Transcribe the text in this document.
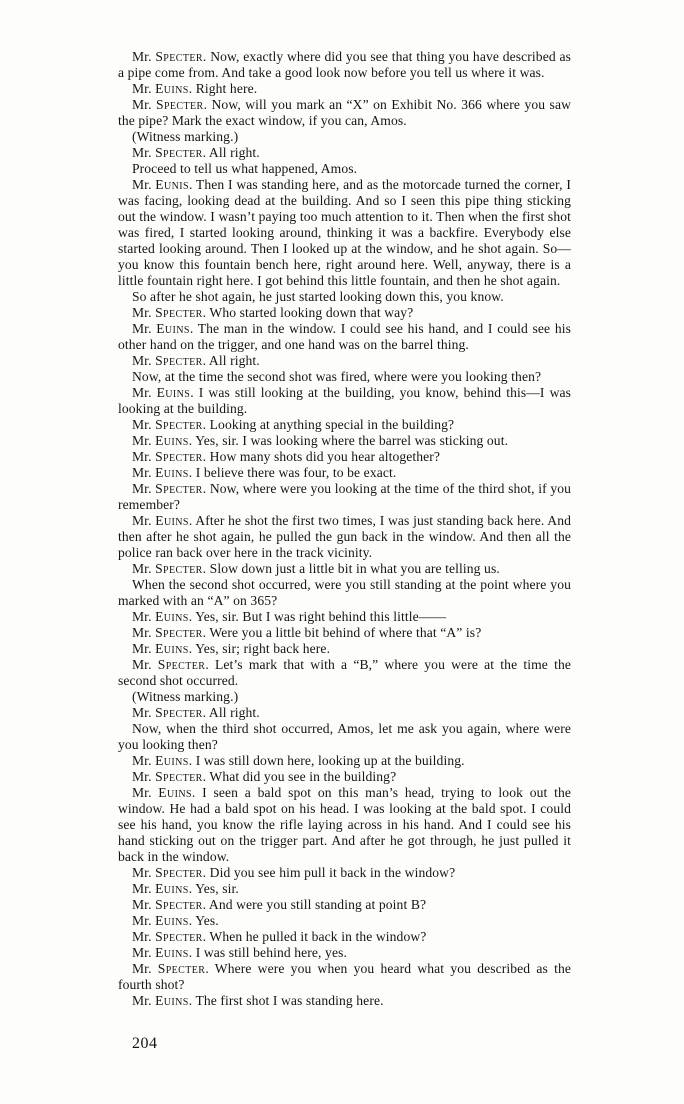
Mr. Specter. Now, exactly where did you see that thing you have described as a pipe come from. And take a good look now before you tell us where it was.

Mr. Euins. Right here.

Mr. Specter. Now, will you mark an “X” on Exhibit No. 366 where you saw the pipe? Mark the exact window, if you can, Amos.

(Witness marking.)

Mr. Specter. All right.

Proceed to tell us what happened, Amos.

Mr. Eunis. Then I was standing here, and as the motorcade turned the corner, I was facing, looking dead at the building. And so I seen this pipe thing sticking out the window. I wasn’t paying too much attention to it. Then when the first shot was fired, I started looking around, thinking it was a backfire. Everybody else started looking around. Then I looked up at the window, and he shot again. So—you know this fountain bench here, right around here. Well, anyway, there is a little fountain right here. I got behind this little fountain, and then he shot again.

So after he shot again, he just started looking down this, you know.

Mr. Specter. Who started looking down that way?

Mr. Euins. The man in the window. I could see his hand, and I could see his other hand on the trigger, and one hand was on the barrel thing.

Mr. Specter. All right.

Now, at the time the second shot was fired, where were you looking then?

Mr. Euins. I was still looking at the building, you know, behind this—I was looking at the building.

Mr. Specter. Looking at anything special in the building?

Mr. Euins. Yes, sir. I was looking where the barrel was sticking out.

Mr. Specter. How many shots did you hear altogether?

Mr. Euins. I believe there was four, to be exact.

Mr. Specter. Now, where were you looking at the time of the third shot, if you remember?

Mr. Euins. After he shot the first two times, I was just standing back here. And then after he shot again, he pulled the gun back in the window. And then all the police ran back over here in the track vicinity.

Mr. Specter. Slow down just a little bit in what you are telling us.

When the second shot occurred, were you still standing at the point where you marked with an “A” on 365?

Mr. Euins. Yes, sir. But I was right behind this little——

Mr. Specter. Were you a little bit behind of where that “A” is?

Mr. Euins. Yes, sir; right back here.

Mr. Specter. Let’s mark that with a “B,” where you were at the time the second shot occurred.

(Witness marking.)

Mr. Specter. All right.

Now, when the third shot occurred, Amos, let me ask you again, where were you looking then?

Mr. Euins. I was still down here, looking up at the building.

Mr. Specter. What did you see in the building?

Mr. Euins. I seen a bald spot on this man’s head, trying to look out the window. He had a bald spot on his head. I was looking at the bald spot. I could see his hand, you know the rifle laying across in his hand. And I could see his hand sticking out on the trigger part. And after he got through, he just pulled it back in the window.

Mr. Specter. Did you see him pull it back in the window?

Mr. Euins. Yes, sir.

Mr. Specter. And were you still standing at point B?

Mr. Euins. Yes.

Mr. Specter. When he pulled it back in the window?

Mr. Euins. I was still behind here, yes.

Mr. Specter. Where were you when you heard what you described as the fourth shot?

Mr. Euins. The first shot I was standing here.

204
